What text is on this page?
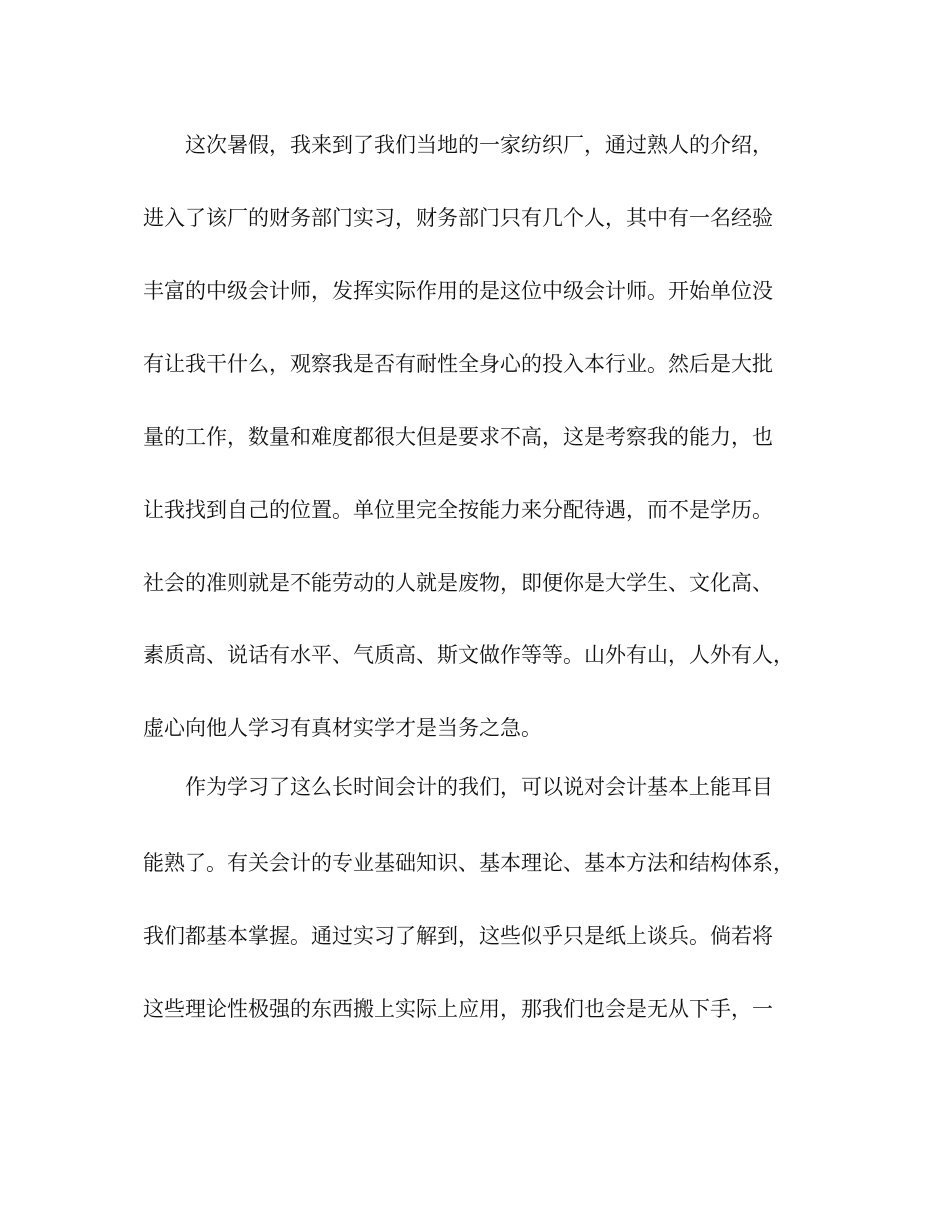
这次暑假，我来到了我们当地的一家纺织厂，通过熟人的介绍，
进入了该厂的财务部门实习，财务部门只有几个人，其中有一名经验
丰富的中级会计师，发挥实际作用的是这位中级会计师。开始单位没
有让我干什么，观察我是否有耐性全身心的投入本行业。然后是大批
量的工作，数量和难度都很大但是要求不高，这是考察我的能力，也
让我找到自己的位置。单位里完全按能力来分配待遇，而不是学历。
社会的准则就是不能劳动的人就是废物，即便你是大学生、文化高、
素质高、说话有水平、气质高、斯文做作等等。山外有山，人外有人，
虚心向他人学习有真材实学才是当务之急。
作为学习了这么长时间会计的我们，可以说对会计基本上能耳目
能熟了。有关会计的专业基础知识、基本理论、基本方法和结构体系，
我们都基本掌握。通过实习了解到，这些似乎只是纸上谈兵。倘若将
这些理论性极强的东西搬上实际上应用，那我们也会是无从下手，一
